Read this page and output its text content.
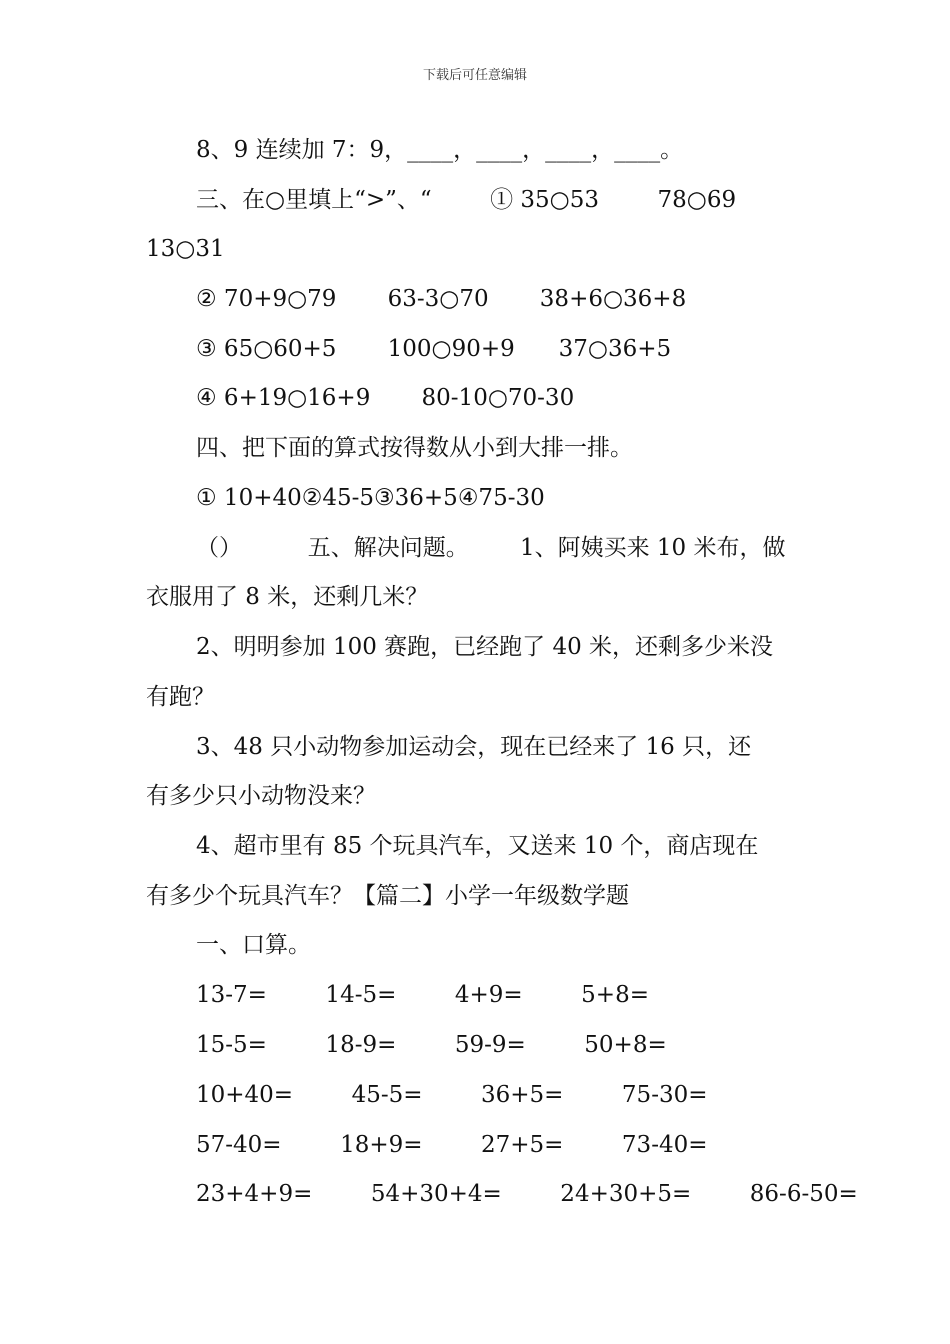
下载后可任意编辑
8、9 连续加 7：9，____，____，____，____。
三、在○里填上“>”、“        ① 35○53        78○69
13○31
② 70+9○79       63-3○70       38+6○36+8
③ 65○60+5       100○90+9      37○36+5
④ 6+19○16+9       80-10○70-30
四、把下面的算式按得数从小到大排一排。
① 10+40②45-5③36+5④75-30
（）         五、解决问题。       1、阿姨买来 10 米布，做
衣服用了 8 米，还剩几米？
2、明明参加 100 赛跑，已经跑了 40 米，还剩多少米没
有跑？
3、48 只小动物参加运动会，现在已经来了 16 只，还
有多少只小动物没来？
4、超市里有 85 个玩具汽车，又送来 10 个，商店现在
有多少个玩具汽车？【篇二】小学一年级数学题
一、口算。
13-7=        14-5=        4+9=        5+8=
15-5=        18-9=        59-9=        50+8=
10+40=        45-5=        36+5=        75-30=
57-40=        18+9=        27+5=        73-40=
23+4+9=        54+30+4=        24+30+5=        86-6-50=
